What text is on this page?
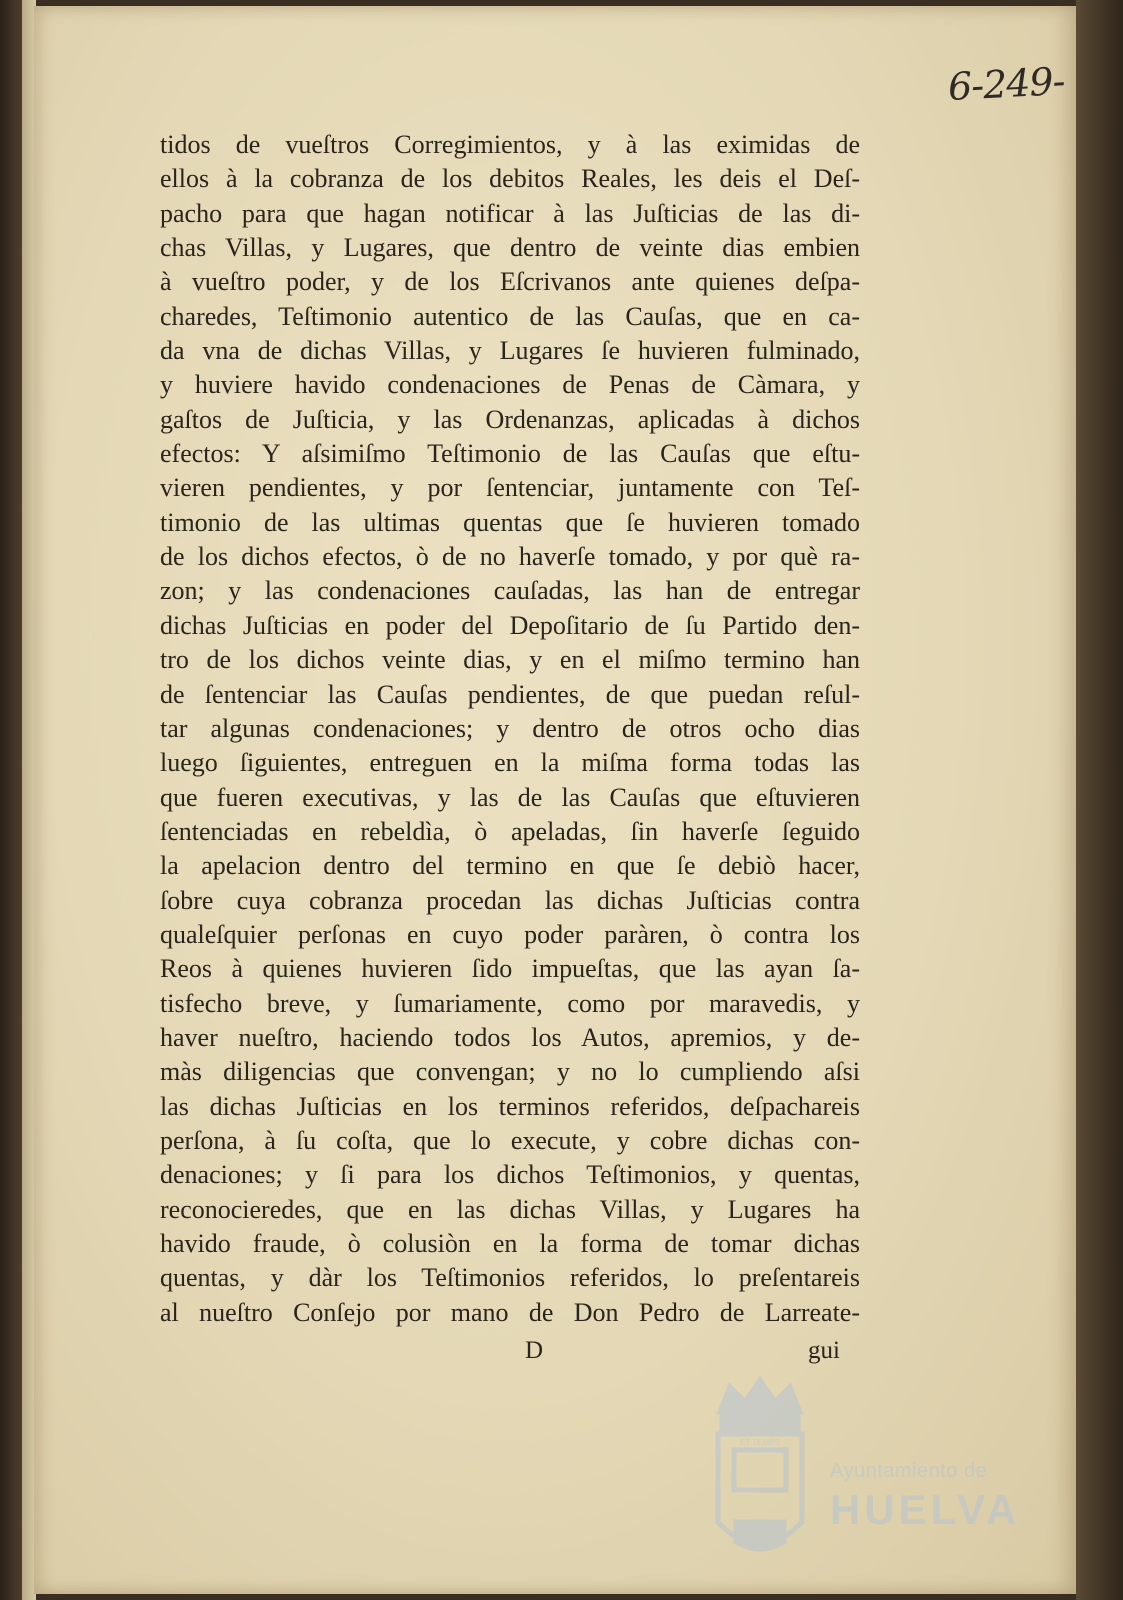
6-249-
tidos de vueſtros Corregimientos, y à las eximidas de
ellos à la cobranza de los debitos Reales, les deis el Deſ-
pacho para que hagan notificar à las Juſticias de las di-
chas Villas, y Lugares, que dentro de veinte dias embien
à vueſtro poder, y de los Eſcrivanos ante quienes deſpa-
charedes, Teſtimonio autentico de las Cauſas, que en ca-
da vna de dichas Villas, y Lugares ſe huvieren fulminado,
y huviere havido condenaciones de Penas de Càmara, y
gaſtos de Juſticia, y las Ordenanzas, aplicadas à dichos
efectos: Y aſsimiſmo Teſtimonio de las Cauſas que eſtu-
vieren pendientes, y por ſentenciar, juntamente con Teſ-
timonio de las ultimas quentas que ſe huvieren tomado
de los dichos efectos, ò de no haverſe tomado, y por què ra-
zon; y las condenaciones cauſadas, las han de entregar
dichas Juſticias en poder del Depoſitario de ſu Partido den-
tro de los dichos veinte dias, y en el miſmo termino han
de ſentenciar las Cauſas pendientes, de que puedan reſul-
tar algunas condenaciones; y dentro de otros ocho dias
luego ſiguientes, entreguen en la miſma forma todas las
que fueren executivas, y las de las Cauſas que eſtuvieren
ſentenciadas en rebeldìa, ò apeladas, ſin haverſe ſeguido
la apelacion dentro del termino en que ſe debiò hacer,
ſobre cuya cobranza procedan las dichas Juſticias contra
qualeſquier perſonas en cuyo poder paràren, ò contra los
Reos à quienes huvieren ſido impueſtas, que las ayan ſa-
tisfecho breve, y ſumariamente, como por maravedis, y
haver nueſtro, haciendo todos los Autos, apremios, y de-
màs diligencias que convengan; y no lo cumpliendo aſsi
las dichas Juſticias en los terminos referidos, deſpachareis
perſona, à ſu coſta, que lo execute, y cobre dichas con-
denaciones; y ſi para los dichos Teſtimonios, y quentas,
reconocieredes, que en las dichas Villas, y Lugares ha
havido fraude, ò colusiòn en la forma de tomar dichas
quentas, y dàr los Teſtimonios referidos, lo preſentareis
al nueſtro Conſejo por mano de Don Pedro de Larreate-
D	gui
ET TEMPS
Ayuntamiento de
HUELVA
